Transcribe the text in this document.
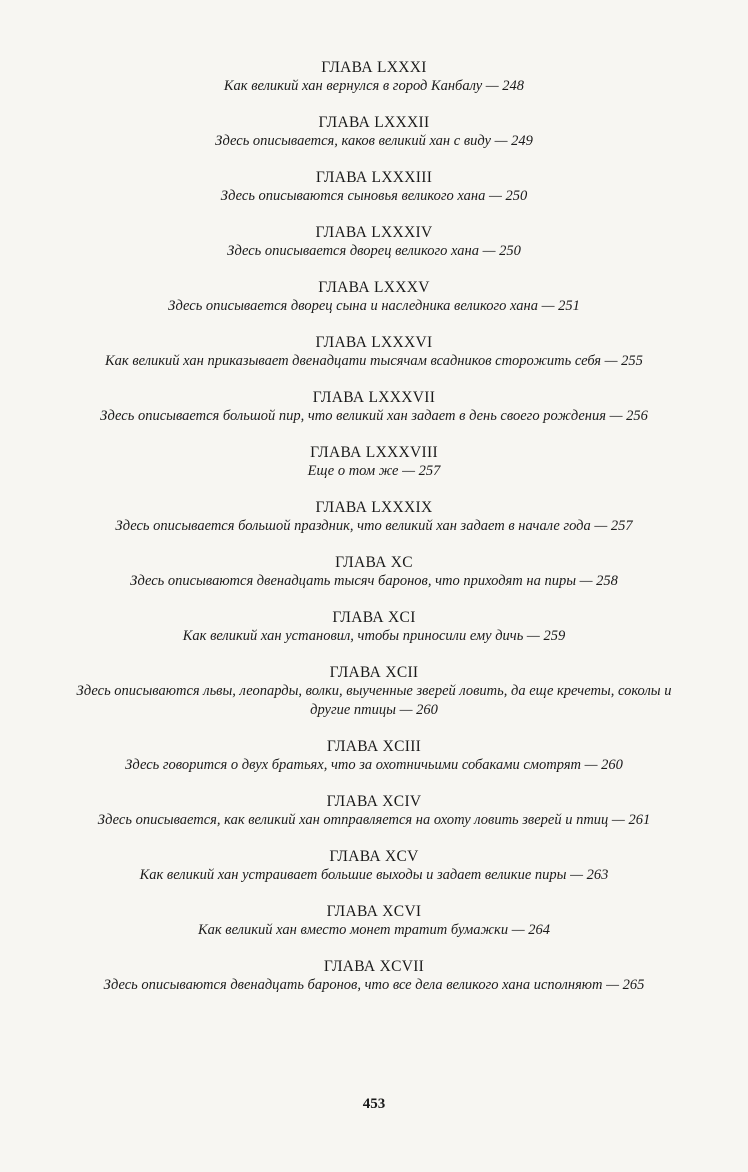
ГЛАВА LXXXI
Как великий хан вернулся в город Канбалу — 248
ГЛАВА LXXXII
Здесь описывается, каков великий хан с виду — 249
ГЛАВА LXXXIII
Здесь описываются сыновья великого хана — 250
ГЛАВА LXXXIV
Здесь описывается дворец великого хана — 250
ГЛАВА LXXXV
Здесь описывается дворец сына и наследника великого хана — 251
ГЛАВА LXXXVI
Как великий хан приказывает двенадцати тысячам всадников сторожить себя — 255
ГЛАВА LXXXVII
Здесь описывается большой пир, что великий хан задает в день своего рождения — 256
ГЛАВА LXXXVIII
Еще о том же — 257
ГЛАВА LXXXIX
Здесь описывается большой праздник, что великий хан задает в начале года — 257
ГЛАВА XC
Здесь описываются двенадцать тысяч баронов, что приходят на пиры — 258
ГЛАВА XCI
Как великий хан установил, чтобы приносили ему дичь — 259
ГЛАВА XCII
Здесь описываются львы, леопарды, волки, выученные зверей ловить, да еще кречеты, соколы и другие птицы — 260
ГЛАВА XCIII
Здесь говорится о двух братьях, что за охотничьими собаками смотрят — 260
ГЛАВА XCIV
Здесь описывается, как великий хан отправляется на охоту ловить зверей и птиц — 261
ГЛАВА XCV
Как великий хан устраивает большие выходы и задает великие пиры — 263
ГЛАВА XCVI
Как великий хан вместо монет тратит бумажки — 264
ГЛАВА XCVII
Здесь описываются двенадцать баронов, что все дела великого хана исполняют — 265
453
